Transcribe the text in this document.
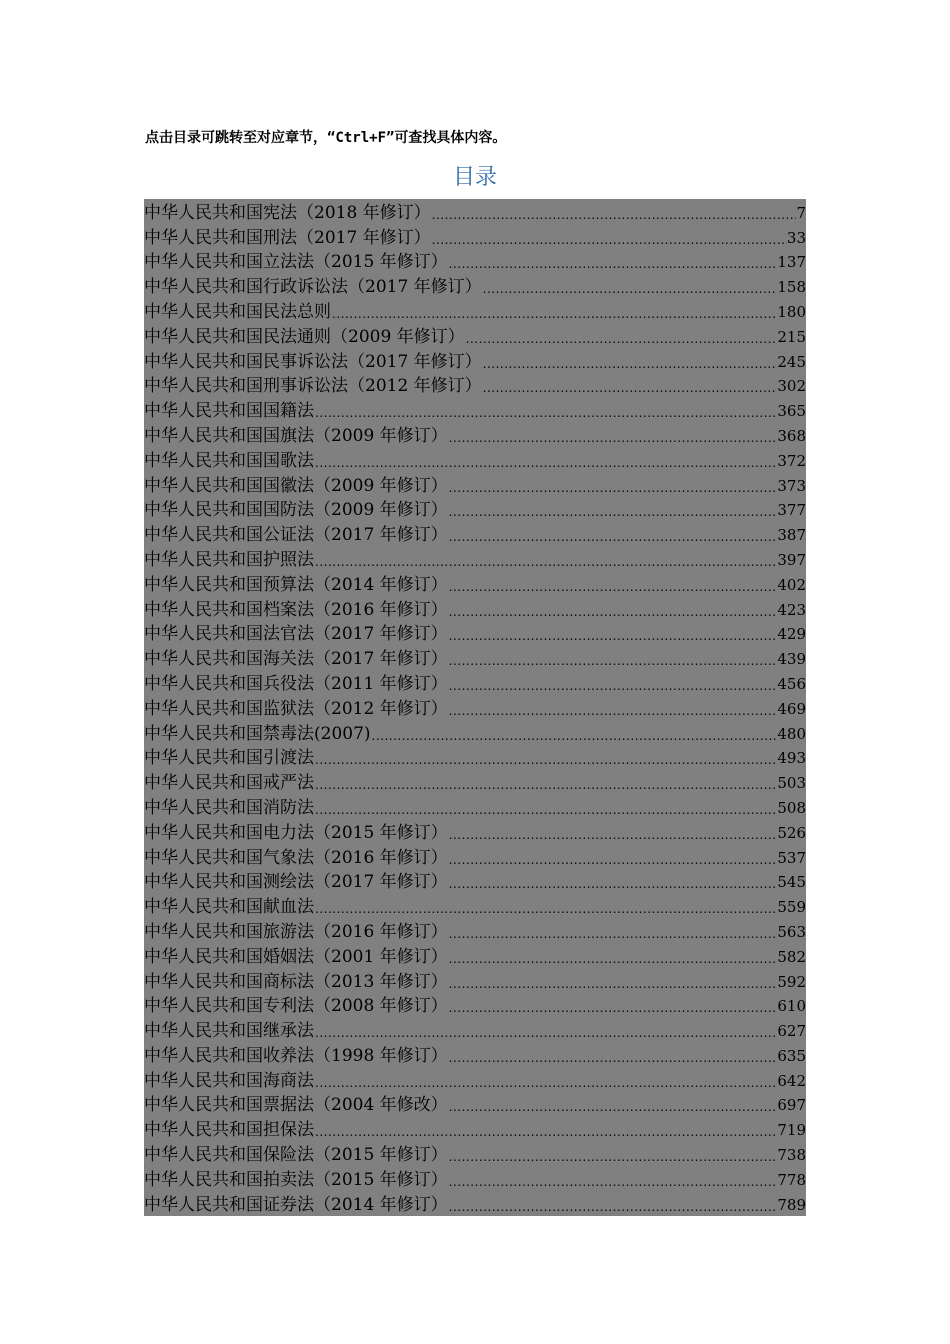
点击目录可跳转至对应章节，“Ctrl+F”可查找具体内容。
目录
中华人民共和国宪法（2018 年修订） .....	7
中华人民共和国刑法（2017 年修订） .....	33
中华人民共和国立法法（2015 年修订） .....	137
中华人民共和国行政诉讼法（2017 年修订） .....	158
中华人民共和国民法总则 .....	180
中华人民共和国民法通则（2009 年修订） .....	215
中华人民共和国民事诉讼法（2017 年修订） .....	245
中华人民共和国刑事诉讼法（2012 年修订） .....	302
中华人民共和国国籍法 .....	365
中华人民共和国国旗法（2009 年修订） .....	368
中华人民共和国国歌法 .....	372
中华人民共和国国徽法（2009 年修订） .....	373
中华人民共和国国防法（2009 年修订） .....	377
中华人民共和国公证法（2017 年修订） .....	387
中华人民共和国护照法 .....	397
中华人民共和国预算法（2014 年修订） .....	402
中华人民共和国档案法（2016 年修订） .....	423
中华人民共和国法官法（2017 年修订） .....	429
中华人民共和国海关法（2017 年修订） .....	439
中华人民共和国兵役法（2011 年修订） .....	456
中华人民共和国监狱法（2012 年修订） .....	469
中华人民共和国禁毒法(2007) .....	480
中华人民共和国引渡法 .....	493
中华人民共和国戒严法 .....	503
中华人民共和国消防法 .....	508
中华人民共和国电力法（2015 年修订） .....	526
中华人民共和国气象法（2016 年修订） .....	537
中华人民共和国测绘法（2017 年修订） .....	545
中华人民共和国献血法 .....	559
中华人民共和国旅游法（2016 年修订） .....	563
中华人民共和国婚姻法（2001 年修订） .....	582
中华人民共和国商标法（2013 年修订） .....	592
中华人民共和国专利法（2008 年修订） .....	610
中华人民共和国继承法 .....	627
中华人民共和国收养法（1998 年修订） .....	635
中华人民共和国海商法 .....	642
中华人民共和国票据法（2004 年修改） .....	697
中华人民共和国担保法 .....	719
中华人民共和国保险法（2015 年修订） .....	738
中华人民共和国拍卖法（2015 年修订） .....	778
中华人民共和国证券法（2014 年修订） .....	789
